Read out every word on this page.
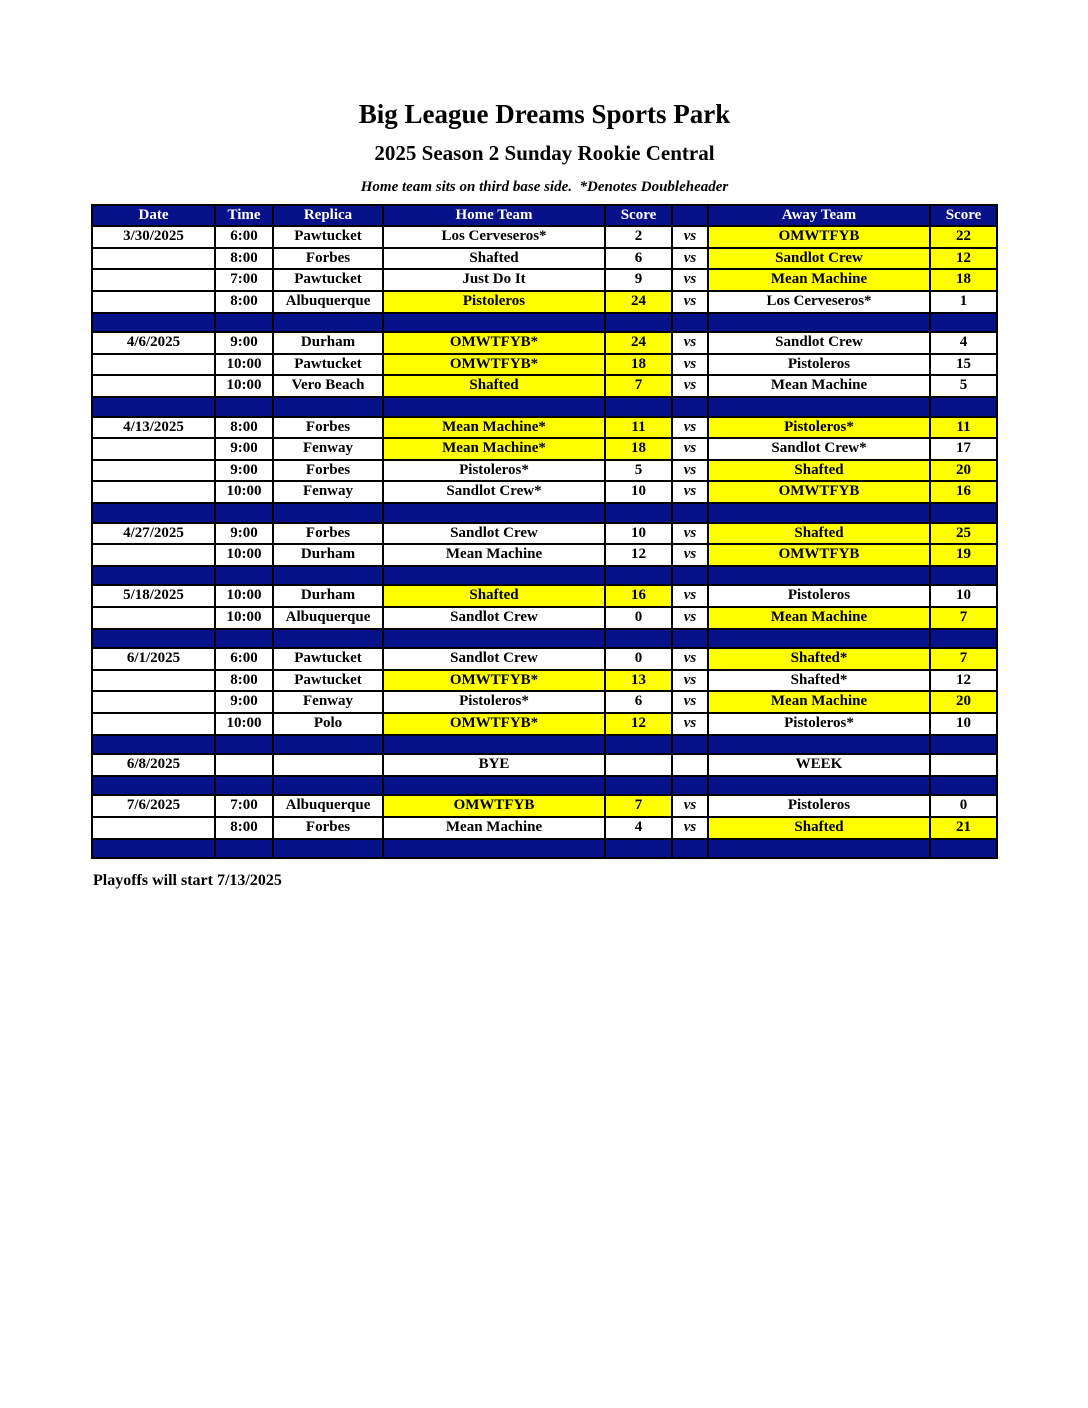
Big League Dreams Sports Park
2025 Season 2 Sunday Rookie Central
Home team sits on third base side.  *Denotes Doubleheader
Date	Time	Replica	Home Team	Score		Away Team	Score
3/30/2025	6:00	Pawtucket	Los Cerveseros*	2	vs	OMWTFYB	22
	8:00	Forbes	Shafted	6	vs	Sandlot Crew	12
	7:00	Pawtucket	Just Do It	9	vs	Mean Machine	18
	8:00	Albuquerque	Pistoleros	24	vs	Los Cerveseros*	1

4/6/2025	9:00	Durham	OMWTFYB*	24	vs	Sandlot Crew	4
	10:00	Pawtucket	OMWTFYB*	18	vs	Pistoleros	15
	10:00	Vero Beach	Shafted	7	vs	Mean Machine	5

4/13/2025	8:00	Forbes	Mean Machine*	11	vs	Pistoleros*	11
	9:00	Fenway	Mean Machine*	18	vs	Sandlot Crew*	17
	9:00	Forbes	Pistoleros*	5	vs	Shafted	20
	10:00	Fenway	Sandlot Crew*	10	vs	OMWTFYB	16

4/27/2025	9:00	Forbes	Sandlot Crew	10	vs	Shafted	25
	10:00	Durham	Mean Machine	12	vs	OMWTFYB	19

5/18/2025	10:00	Durham	Shafted	16	vs	Pistoleros	10
	10:00	Albuquerque	Sandlot Crew	0	vs	Mean Machine	7

6/1/2025	6:00	Pawtucket	Sandlot Crew	0	vs	Shafted*	7
	8:00	Pawtucket	OMWTFYB*	13	vs	Shafted*	12
	9:00	Fenway	Pistoleros*	6	vs	Mean Machine	20
	10:00	Polo	OMWTFYB*	12	vs	Pistoleros*	10

6/8/2025			BYE			WEEK	

7/6/2025	7:00	Albuquerque	OMWTFYB	7	vs	Pistoleros	0
	8:00	Forbes	Mean Machine	4	vs	Shafted	21

Playoffs will start 7/13/2025
